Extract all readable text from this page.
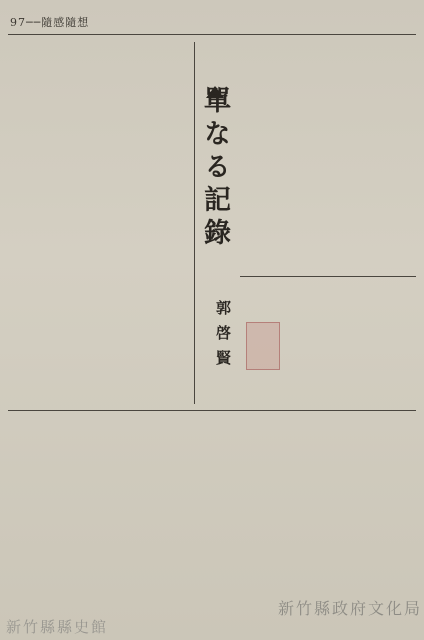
97──隨感隨想
單なる記錄
郭啓賢
新竹縣政府文化局
新竹縣縣史館
